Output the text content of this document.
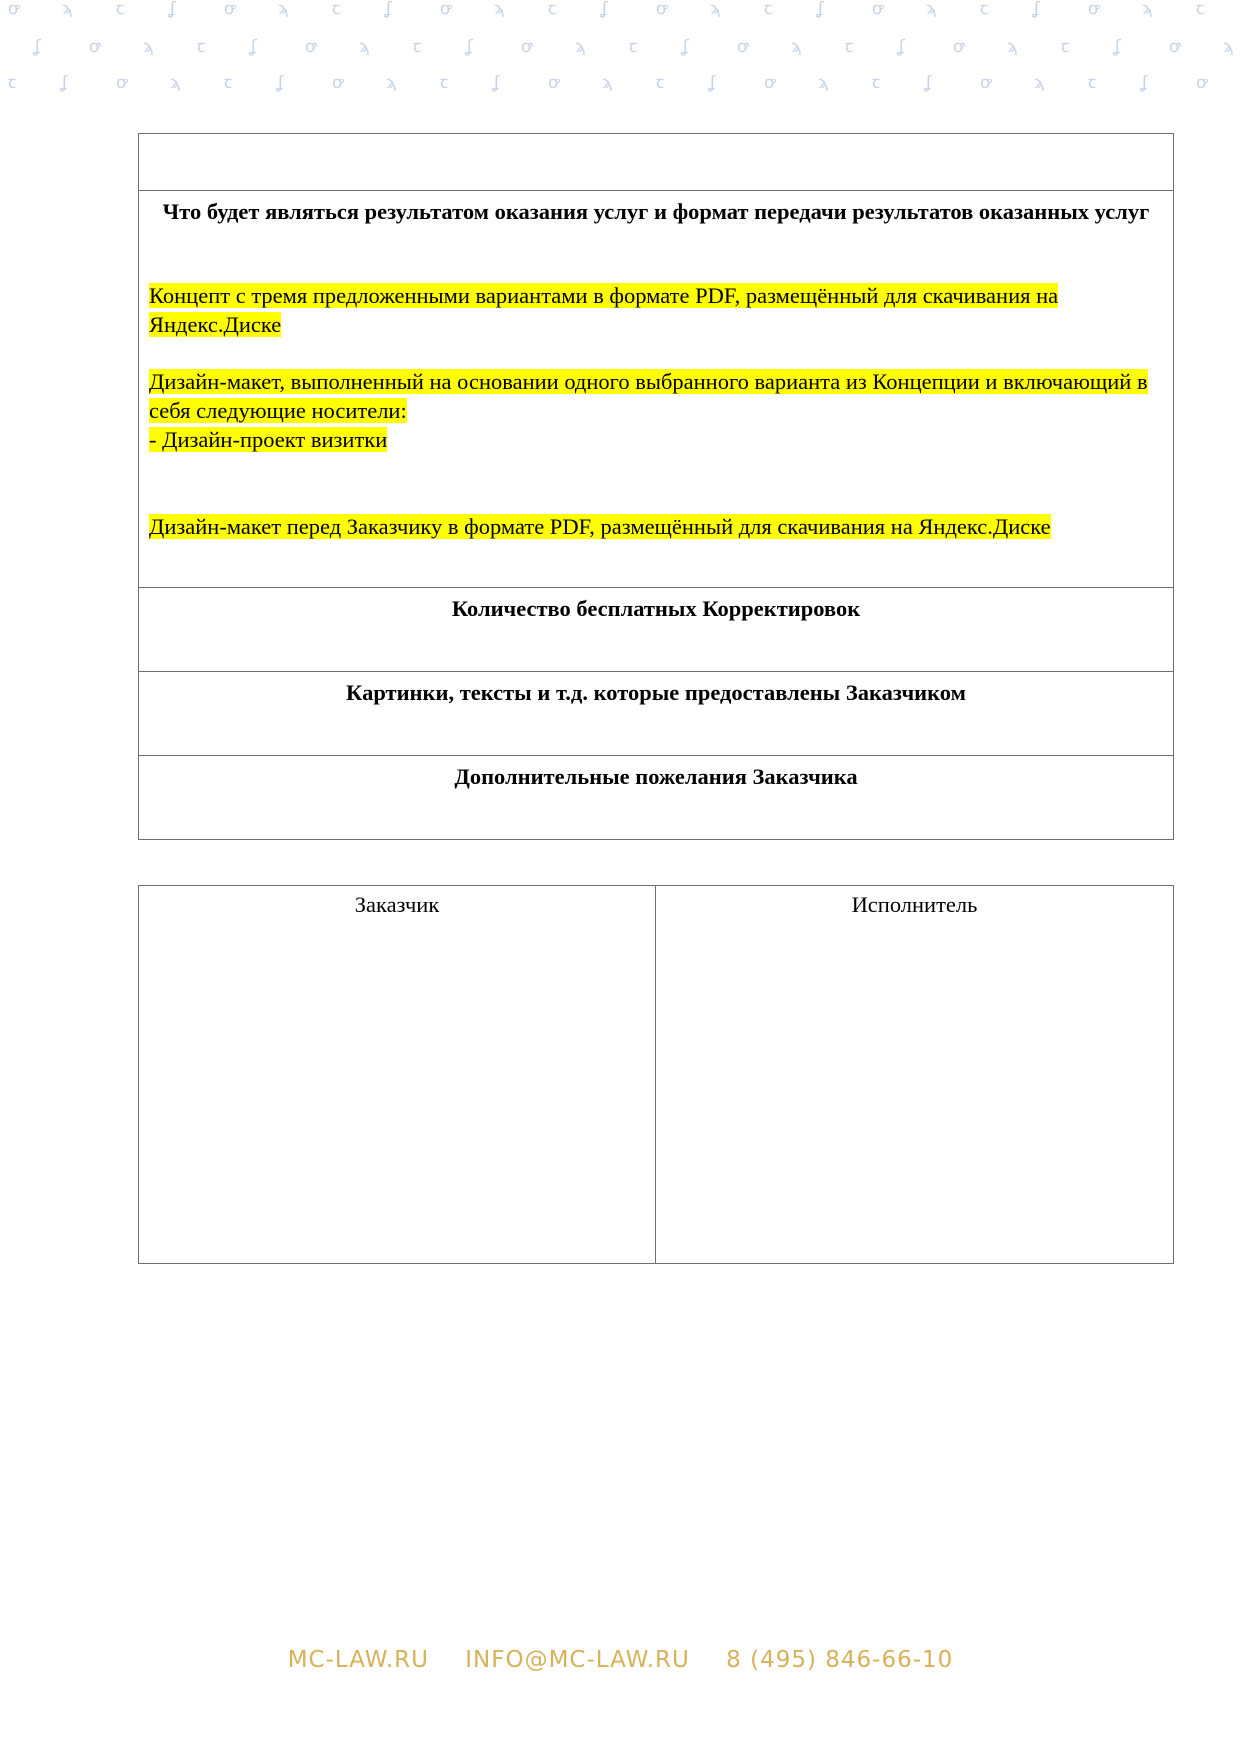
ꝍ	ϡ	ꞇ	ʆ	ꝍ	ϡ	ꞇ	ʆ	ꝍ	ϡ	ꞇ	ʆ	ꝍ	ϡ	ꞇ	ʆ	ꝍ	ϡ	ꞇ	ʆ	ꝍ	ϡ	ꞇ
ʆ	ꝍ	ϡ	ꞇ	ʆ	ꝍ	ϡ	ꞇ	ʆ	ꝍ	ϡ	ꞇ	ʆ	ꝍ	ϡ	ꞇ	ʆ	ꝍ	ϡ	ꞇ	ʆ	ꝍ	ϡ
ꞇ	ʆ	ꝍ	ϡ	ꞇ	ʆ	ꝍ	ϡ	ꞇ	ʆ	ꝍ	ϡ	ꞇ	ʆ	ꝍ	ϡ	ꞇ	ʆ	ꝍ	ϡ	ꞇ	ʆ	ꝍ

Что будет являться результатом оказания услуг и формат передачи результатов оказанных услуг
Концепт с тремя предложенными вариантами в формате PDF, размещённый для скачивания на Яндекс.Диске
Дизайн-макет, выполненный на основании одного выбранного варианта из Концепции и включающий в себя следующие носители:
- Дизайн-проект визитки
Дизайн-макет перед Заказчику в формате PDF, размещённый для скачивания на Яндекс.Диске

Количество бесплатных Корректировок

Картинки, тексты и т.д. которые предоставлены Заказчиком

Дополнительные пожелания Заказчика
Заказчик	Исполнитель
MC-LAW.RU INFO@MC-LAW.RU 8 (495) 846-66-10
